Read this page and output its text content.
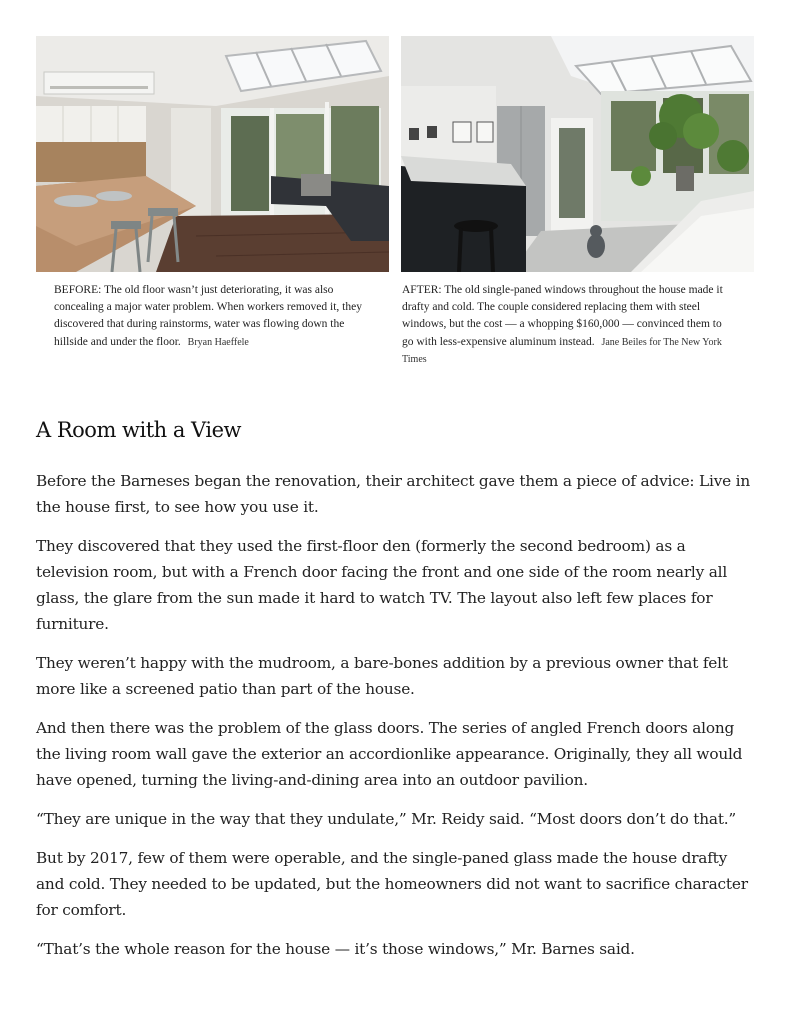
BEFORE: The old floor wasn’t just deteriorating, it was also concealing a major water problem. When workers removed it, they discovered that during rainstorms, water was flowing down the hillside and under the floor. Bryan Haeffele
AFTER: The old single-paned windows throughout the house made it drafty and cold. The couple considered replacing them with steel windows, but the cost — a whopping $160,000 — convinced them to go with less-expensive aluminum instead. Jane Beiles for The New York Times
A Room with a View

Before the Barneses began the renovation, their architect gave them a piece of advice: Live in the house first, to see how you use it.

They discovered that they used the first-floor den (formerly the second bedroom) as a television room, but with a French door facing the front and one side of the room nearly all glass, the glare from the sun made it hard to watch TV. The layout also left few places for furniture.

They weren’t happy with the mudroom, a bare-bones addition by a previous owner that felt more like a screened patio than part of the house.

And then there was the problem of the glass doors. The series of angled French doors along the living room wall gave the exterior an accordionlike appearance. Originally, they all would have opened, turning the living-and-dining area into an outdoor pavilion.

“They are unique in the way that they undulate,” Mr. Reidy said. “Most doors don’t do that.”

But by 2017, few of them were operable, and the single-paned glass made the house drafty and cold. They needed to be updated, but the homeowners did not want to sacrifice character for comfort.

“That’s the whole reason for the house — it’s those windows,” Mr. Barnes said.
